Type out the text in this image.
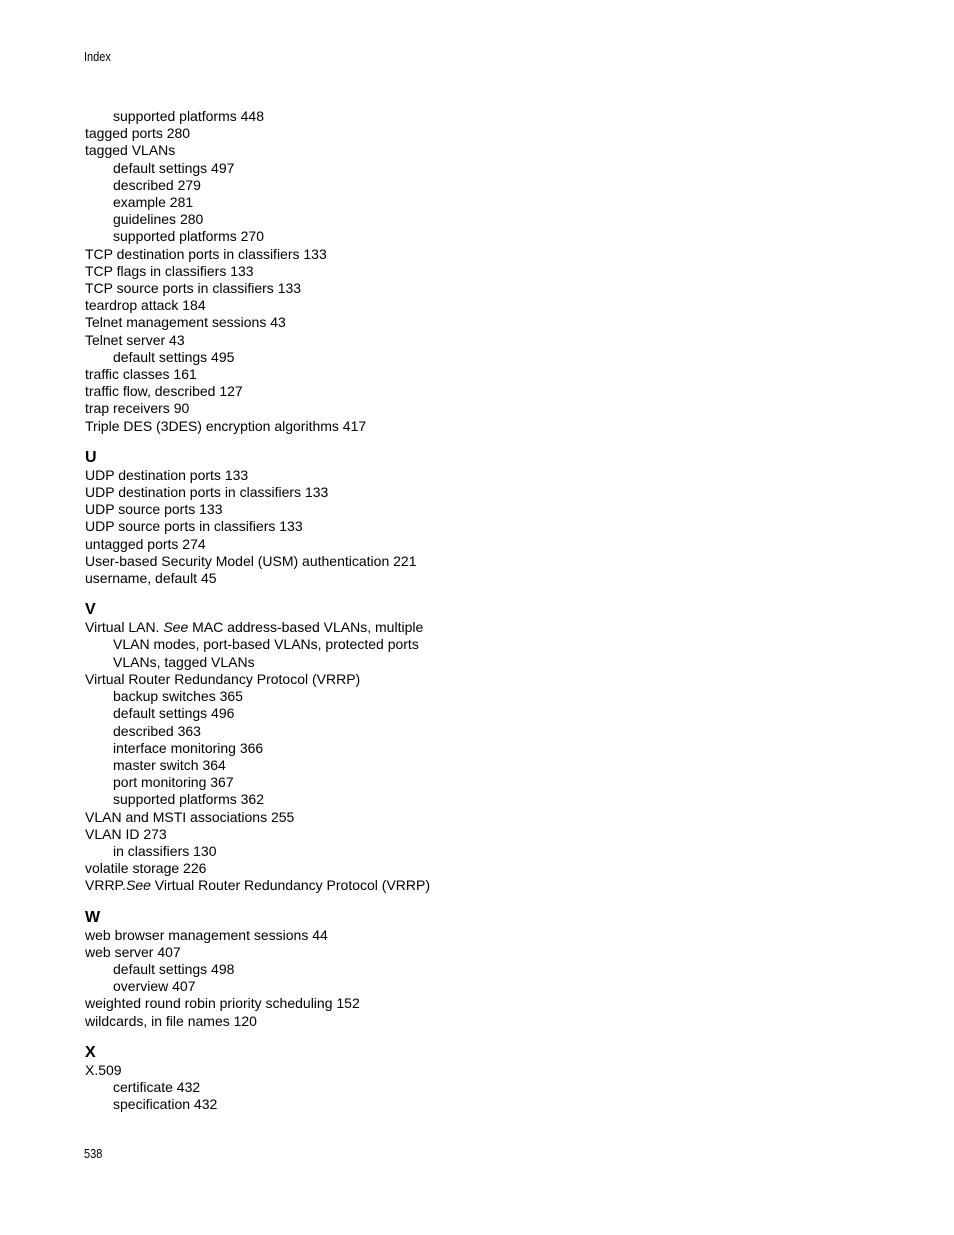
Index
supported platforms 448
tagged ports 280
tagged VLANs
default settings 497
described 279
example 281
guidelines 280
supported platforms 270
TCP destination ports in classifiers 133
TCP flags in classifiers 133
TCP source ports in classifiers 133
teardrop attack 184
Telnet management sessions 43
Telnet server 43
default settings 495
traffic classes 161
traffic flow, described 127
trap receivers 90
Triple DES (3DES) encryption algorithms 417
U
UDP destination ports 133
UDP destination ports in classifiers 133
UDP source ports 133
UDP source ports in classifiers 133
untagged ports 274
User-based Security Model (USM) authentication 221
username, default 45
V
Virtual LAN. See MAC address-based VLANs, multiple
VLAN modes, port-based VLANs, protected ports
VLANs, tagged VLANs
Virtual Router Redundancy Protocol (VRRP)
backup switches 365
default settings 496
described 363
interface monitoring 366
master switch 364
port monitoring 367
supported platforms 362
VLAN and MSTI associations 255
VLAN ID 273
in classifiers 130
volatile storage 226
VRRP.See Virtual Router Redundancy Protocol (VRRP)
W
web browser management sessions 44
web server 407
default settings 498
overview 407
weighted round robin priority scheduling 152
wildcards, in file names 120
X
X.509
certificate 432
specification 432
538
